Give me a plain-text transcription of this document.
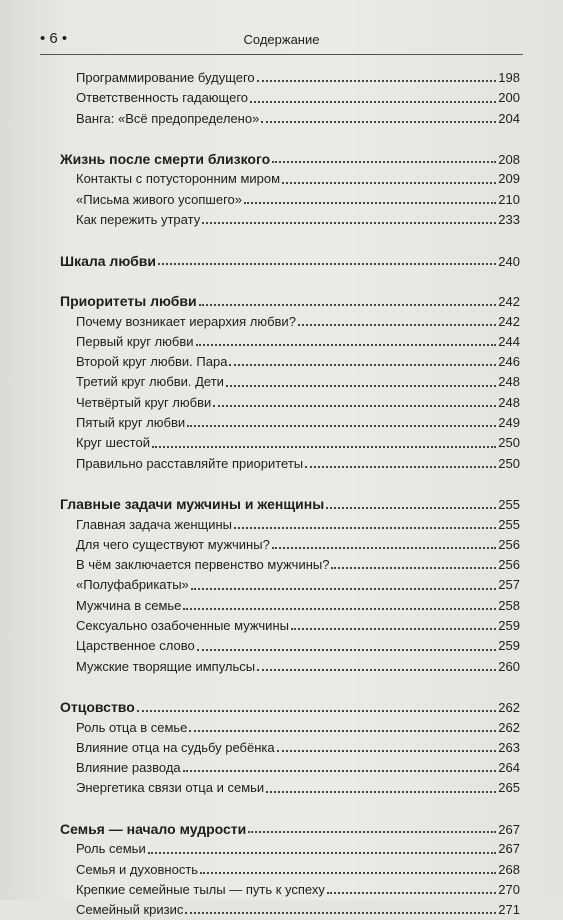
• 6 •	Содержание
Программирование будущего	198
Ответственность гадающего	200
Ванга: «Всё предопределено»	204
Жизнь после смерти близкого	208
Контакты с потусторонним миром	209
«Письма живого усопшего»	210
Как пережить утрату	233
Шкала любви	240
Приоритеты любви	242
Почему возникает иерархия любви?	242
Первый круг любви	244
Второй круг любви. Пара	246
Третий круг любви. Дети	248
Четвёртый круг любви	248
Пятый круг любви	249
Круг шестой	250
Правильно расставляйте приоритеты	250
Главные задачи мужчины и женщины	255
Главная задача женщины	255
Для чего существуют мужчины?	256
В чём заключается первенство мужчины?	256
«Полуфабрикаты»	257
Мужчина в семье	258
Сексуально озабоченные мужчины	259
Царственное слово	259
Мужские творящие импульсы	260
Отцовство	262
Роль отца в семье	262
Влияние отца на судьбу ребёнка	263
Влияние развода	264
Энергетика связи отца и семьи	265
Семья — начало мудрости	267
Роль семьи	267
Семья и духовность	268
Крепкие семейные тылы — путь к успеху	270
Семейный кризис	271
